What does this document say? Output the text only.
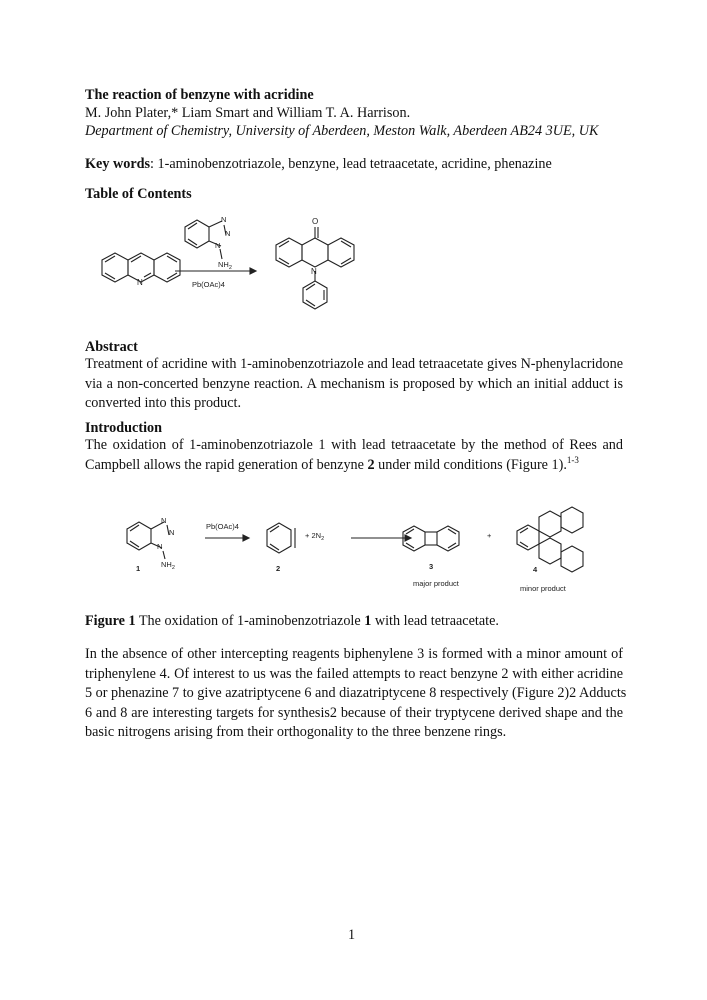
The reaction of benzyne with acridine
M. John Plater,* Liam Smart and William T. A. Harrison.
Department of Chemistry, University of Aberdeen, Meston Walk, Aberdeen AB24 3UE, UK
Key words: 1-aminobenzotriazole, benzyne, lead tetraacetate, acridine, phenazine
Table of Contents
N
N
N
N
$NH_2$
Pb(OAc)4
O
N
Abstract
Treatment of acridine with 1-aminobenzotriazole and lead tetraacetate gives N-phenylacridone
via a non-concerted benzyne reaction. A mechanism is proposed by which an initial adduct is
converted into this product.
Introduction
The oxidation of 1-aminobenzotriazole 1 with lead tetraacetate by the method of Rees and
Campbell allows the rapid generation of benzyne 2 under mild conditions (Figure 1).$^{1-3}$
N
N
N
$NH_2$
1
Pb(OAc)4
2
+ $2N_2$	+
3
major product
4
minor product
Figure 1 The oxidation of 1-aminobenzotriazole 1 with lead tetraacetate.
In the absence of other intercepting reagents biphenylene 3 is formed with a minor amount of
triphenylene 4. Of interest to us was the failed attempts to react benzyne 2 with either acridine
5 or phenazine 7 to give azatriptycene 6 and diazatriptycene 8 respectively (Figure 2)2 Adducts
6 and 8 are interesting targets for synthesis2 because of their tryptycene derived shape and the
basic nitrogens arising from their orthogonality to the three benzene rings.
1
